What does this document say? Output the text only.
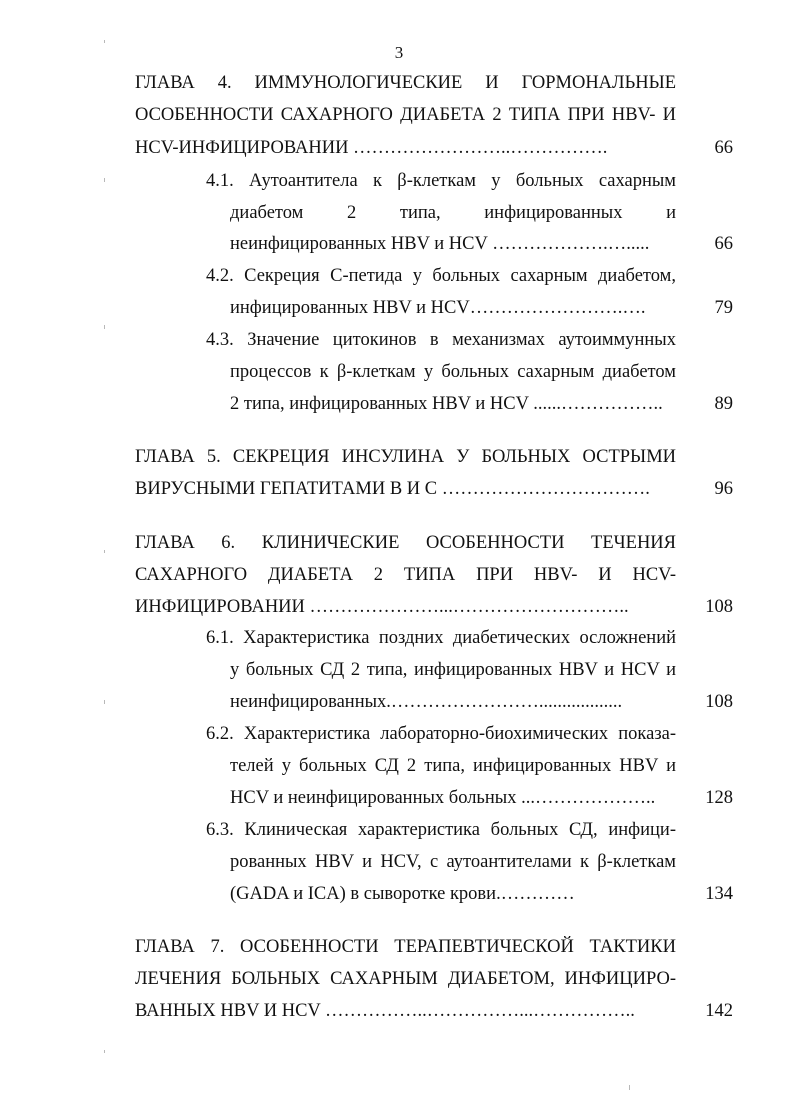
3
ГЛАВА 4. ИММУНОЛОГИЧЕСКИЕ И ГОРМОНАЛЬНЫЕ
ОСОБЕННОСТИ САХАРНОГО ДИАБЕТА 2 ТИПА ПРИ HBV- И
HCV-ИНФИЦИРОВАНИИ ……………………..…………….	66
4.1. Аутоантитела к β-клеткам у больных сахарным
диабетом 2 типа, инфицированных и
неинфицированных HBV и HCV ……………….….....	66
4.2. Секреция С-петида у больных сахарным диабетом,
инфицированных HBV и HCV…………………….….	79
4.3. Значение цитокинов в механизмах аутоиммунных
процессов к β-клеткам у больных сахарным диабетом
2 типа, инфицированных HBV и HCV ......……………..	89
ГЛАВА 5. СЕКРЕЦИЯ ИНСУЛИНА У БОЛЬНЫХ ОСТРЫМИ
ВИРУСНЫМИ ГЕПАТИТАМИ В И С …………………………….	96
ГЛАВА 6. КЛИНИЧЕСКИЕ ОСОБЕННОСТИ ТЕЧЕНИЯ
САХАРНОГО ДИАБЕТА 2 ТИПА ПРИ HBV- И HCV-
ИНФИЦИРОВАНИИ …………………...………………………..	108
6.1. Характеристика поздних диабетических осложнений
у больных СД 2 типа, инфицированных HBV и HCV и
неинфицированных.……………………..................	108
6.2. Характеристика лабораторно-биохимических показа-
телей у больных СД 2 типа, инфицированных HBV и
HCV и неинфицированных больных ...………………..	128
6.3. Клиническая характеристика больных СД, инфици-
рованных HBV и HCV, с аутоантителами к β-клеткам
(GADA и ICA) в сыворотке крови.…………	134
ГЛАВА 7. ОСОБЕННОСТИ ТЕРАПЕВТИЧЕСКОЙ ТАКТИКИ
ЛЕЧЕНИЯ БОЛЬНЫХ САХАРНЫМ ДИАБЕТОМ, ИНФИЦИРО-
ВАННЫХ HBV И HCV ……………..……………...……………..	142
